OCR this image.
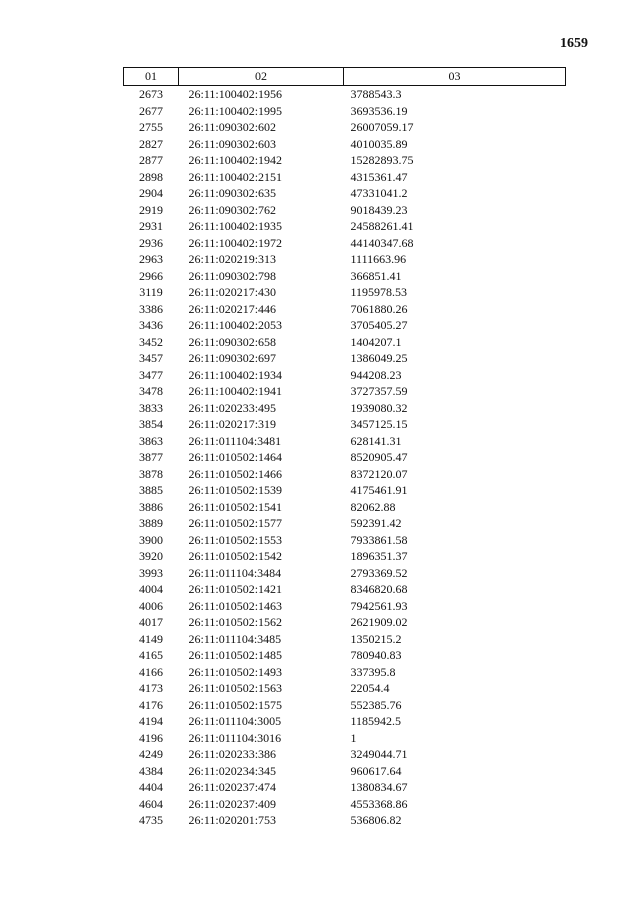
1659
01	02	03
2673	26:11:100402:1956	3788543.3
2677	26:11:100402:1995	3693536.19
2755	26:11:090302:602	26007059.17
2827	26:11:090302:603	4010035.89
2877	26:11:100402:1942	15282893.75
2898	26:11:100402:2151	4315361.47
2904	26:11:090302:635	47331041.2
2919	26:11:090302:762	9018439.23
2931	26:11:100402:1935	24588261.41
2936	26:11:100402:1972	44140347.68
2963	26:11:020219:313	1111663.96
2966	26:11:090302:798	366851.41
3119	26:11:020217:430	1195978.53
3386	26:11:020217:446	7061880.26
3436	26:11:100402:2053	3705405.27
3452	26:11:090302:658	1404207.1
3457	26:11:090302:697	1386049.25
3477	26:11:100402:1934	944208.23
3478	26:11:100402:1941	3727357.59
3833	26:11:020233:495	1939080.32
3854	26:11:020217:319	3457125.15
3863	26:11:011104:3481	628141.31
3877	26:11:010502:1464	8520905.47
3878	26:11:010502:1466	8372120.07
3885	26:11:010502:1539	4175461.91
3886	26:11:010502:1541	82062.88
3889	26:11:010502:1577	592391.42
3900	26:11:010502:1553	7933861.58
3920	26:11:010502:1542	1896351.37
3993	26:11:011104:3484	2793369.52
4004	26:11:010502:1421	8346820.68
4006	26:11:010502:1463	7942561.93
4017	26:11:010502:1562	2621909.02
4149	26:11:011104:3485	1350215.2
4165	26:11:010502:1485	780940.83
4166	26:11:010502:1493	337395.8
4173	26:11:010502:1563	22054.4
4176	26:11:010502:1575	552385.76
4194	26:11:011104:3005	1185942.5
4196	26:11:011104:3016	1
4249	26:11:020233:386	3249044.71
4384	26:11:020234:345	960617.64
4404	26:11:020237:474	1380834.67
4604	26:11:020237:409	4553368.86
4735	26:11:020201:753	536806.82
